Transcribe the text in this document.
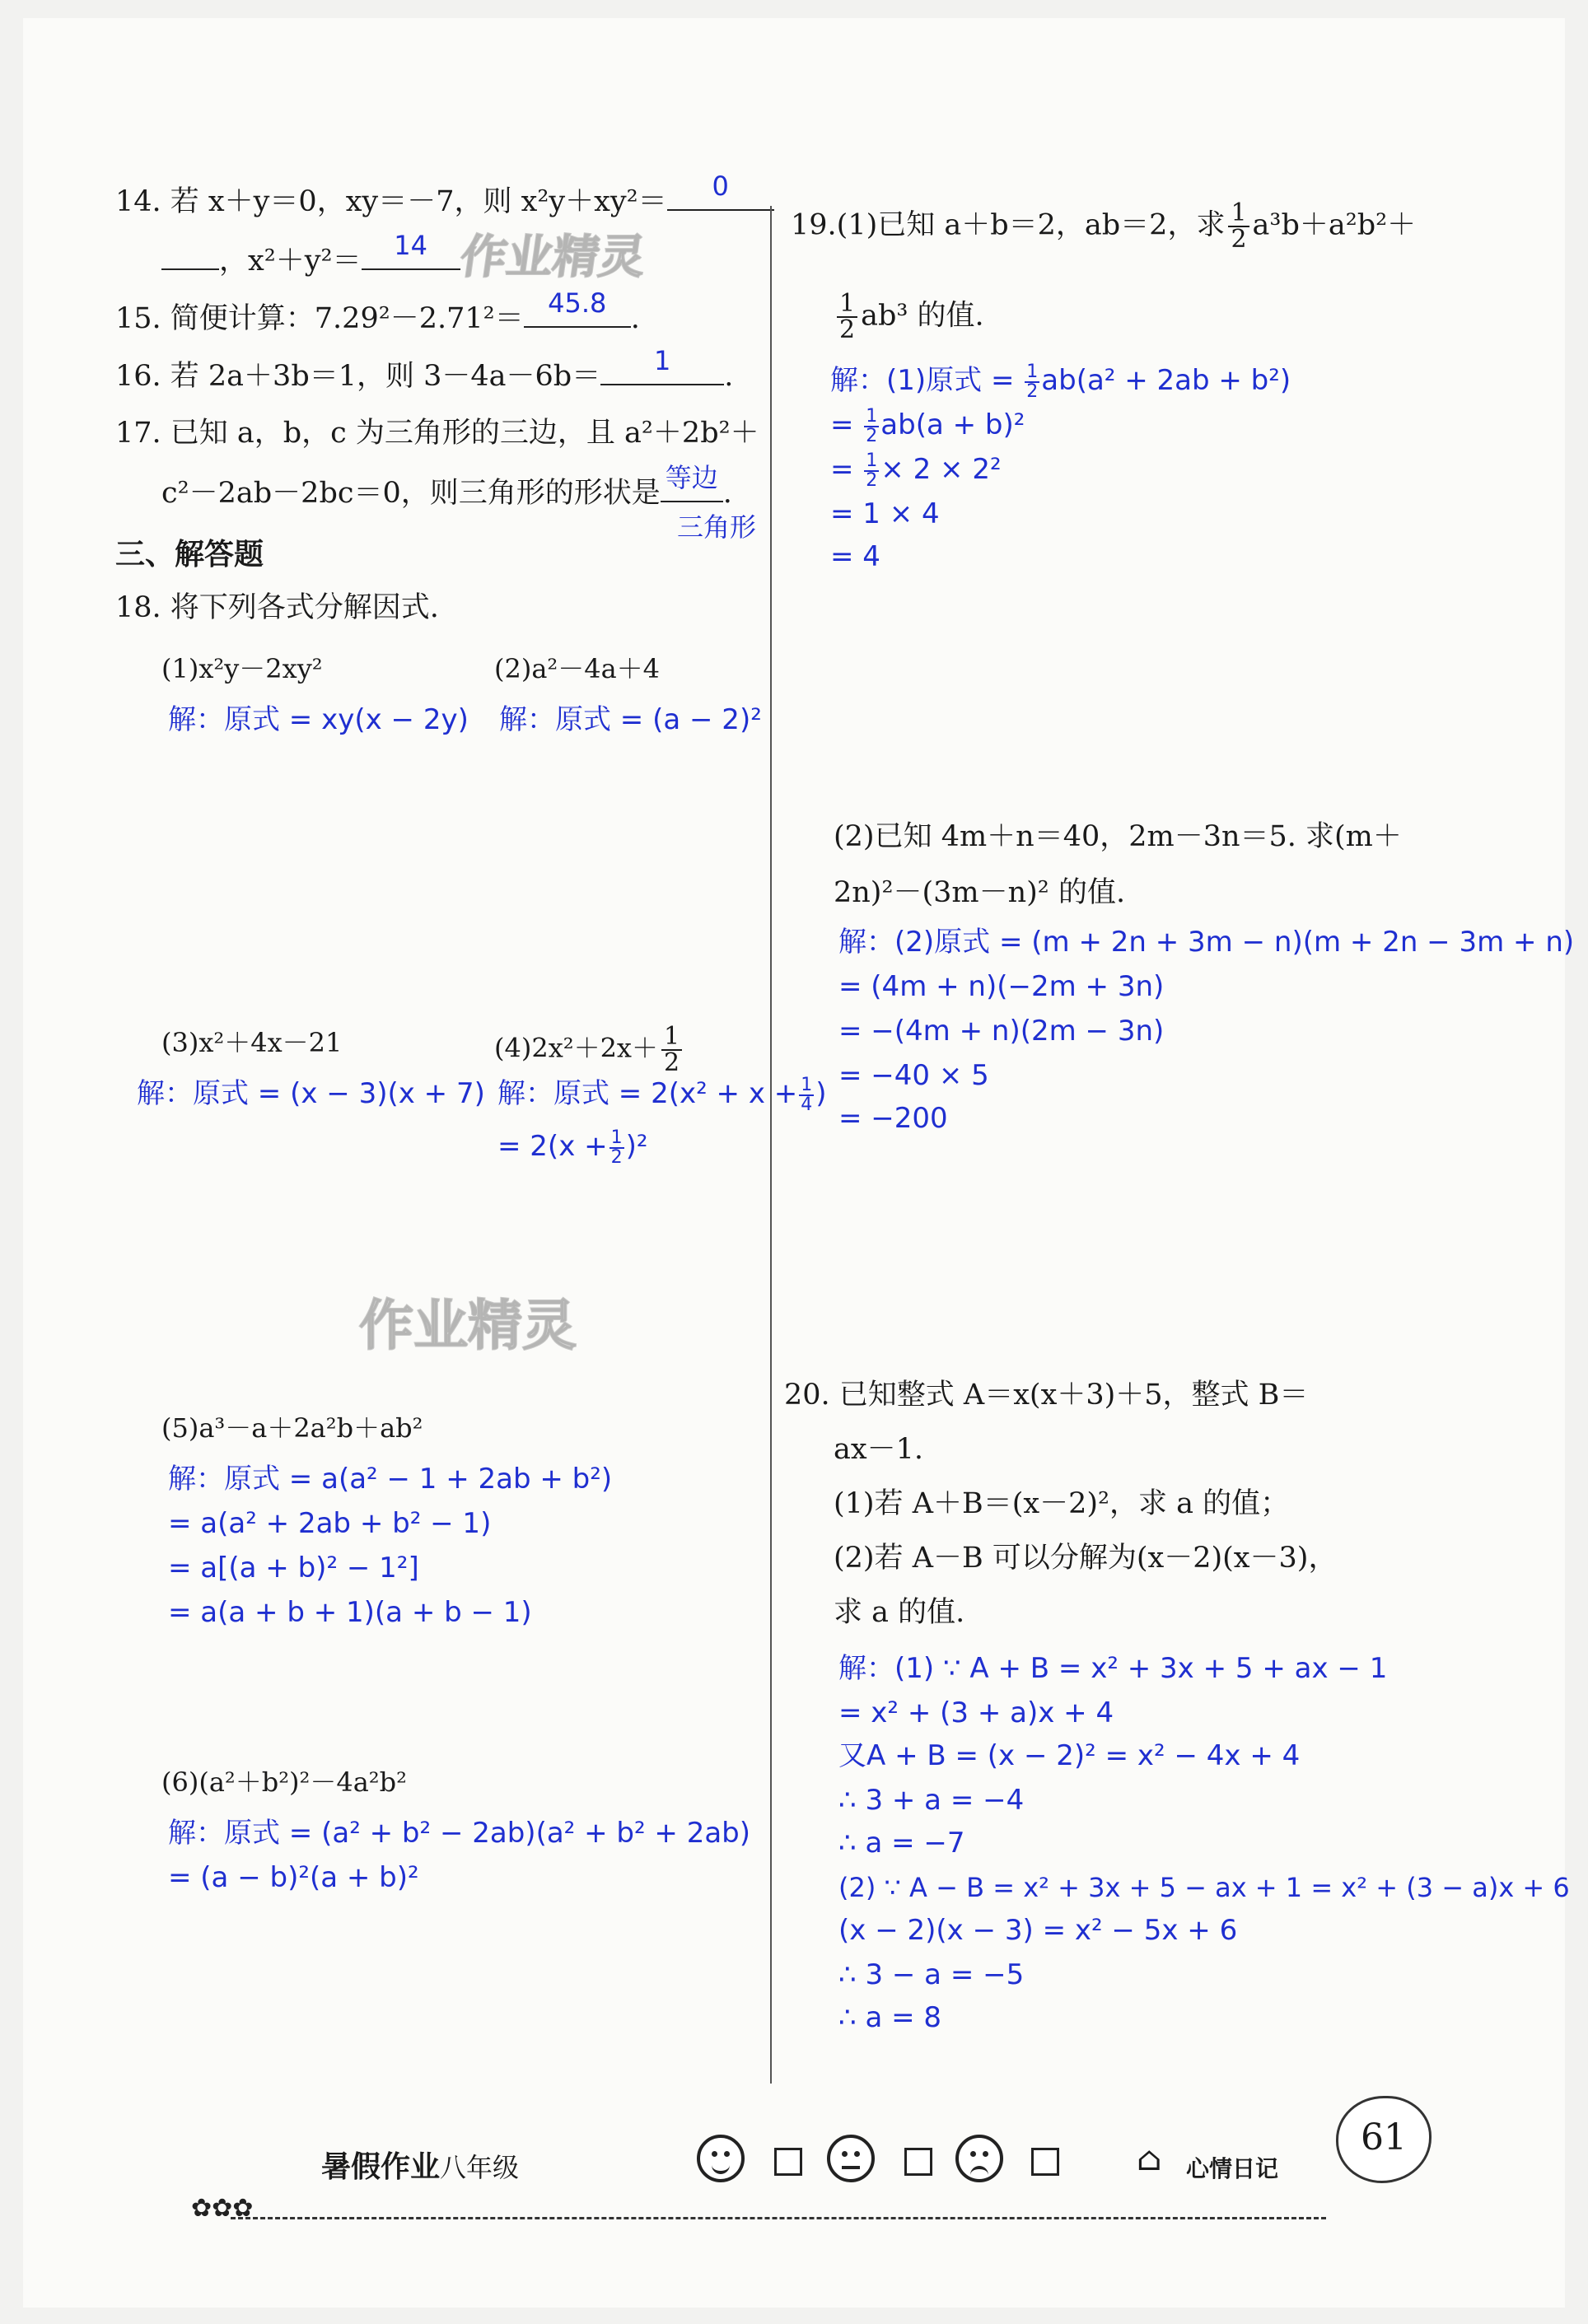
14. 若 x＋y＝0，xy＝－7，则 x²y＋xy²＝	0
，x²＋y²＝	14 作业精灵
15. 简便计算：7.29²－2.71²＝ 45.8 .
16. 若 2a＋3b＝1，则 3－4a－6b＝	1	.
17. 已知 a，b，c 为三角形的三边，且 a²＋2b²＋
c²－2ab－2bc＝0，则三角形的形状是 等边 .
三角形
三、解答题
18. 将下列各式分解因式.
(1)x²y－2xy²	(2)a²－4a＋4
解：原式 = xy(x − 2y) 解：原式 = (a − 2)²
(3)x²＋4x－21	$(4)2x^2+2x+ \frac{1}{2}$
解：原式 = (x − 3)(x + 7) 解：原式 = $2(x^2 + x + \frac{1}{4}$ )
= $2(x + \frac{1}{2} )^2$
作业精灵
(5)a³－a＋2a²b＋ab²
解：原式 = a(a² − 1 + 2ab + b²)
= a(a² + 2ab + b² − 1)
= a[(a + b)² − 1²]
= a(a + b + 1)(a + b − 1)
(6)(a²＋b²)²－4a²b²
解：原式 = (a² + b² − 2ab)(a² + b² + 2ab)
= (a − b)²(a + b)²
19.(1)已知 a＋b＝2，ab＝2，求 $\frac{1}{2} a^3b+a^2b^2+$
$\frac{1}{2} ab^3$ 的值.
解：(1)原式 = $\frac{1}{2} ab(a^2 + 2ab + b^2)$
= $\frac{1}{2} ab(a + b)^2$
= $\frac{1}{2} \times 2 \times 2^2$
= 1 × 4
= 4
(2)已知 4m＋n＝40，2m－3n＝5. 求(m＋
2n)²－(3m－n)² 的值.
解：(2)原式 = (m + 2n + 3m − n)(m + 2n − 3m + n)
= (4m + n)(−2m + 3n)
= −(4m + n)(2m − 3n)
= −40 × 5
= −200
20. 已知整式 A＝x(x＋3)＋5，整式 B＝
ax－1.
(1)若 A＋B＝(x－2)²，求 a 的值；
(2)若 A－B 可以分解为(x－2)(x－3)，
求 a 的值.
解：(1) ∵ A + B = x² + 3x + 5 + ax − 1
= x² + (3 + a)x + 4
又A + B = (x − 2)² = x² − 4x + 4
∴ 3 + a = −4
∴ a = −7
(2) ∵ A − B = x² + 3x + 5 − ax + 1 = x² + (3 − a)x + 6
(x − 2)(x − 3) = x² − 5x + 6
∴ 3 − a = −5
∴ a = 8
✿✿✿
暑假作业八年级	⌂ 心情日记
61
